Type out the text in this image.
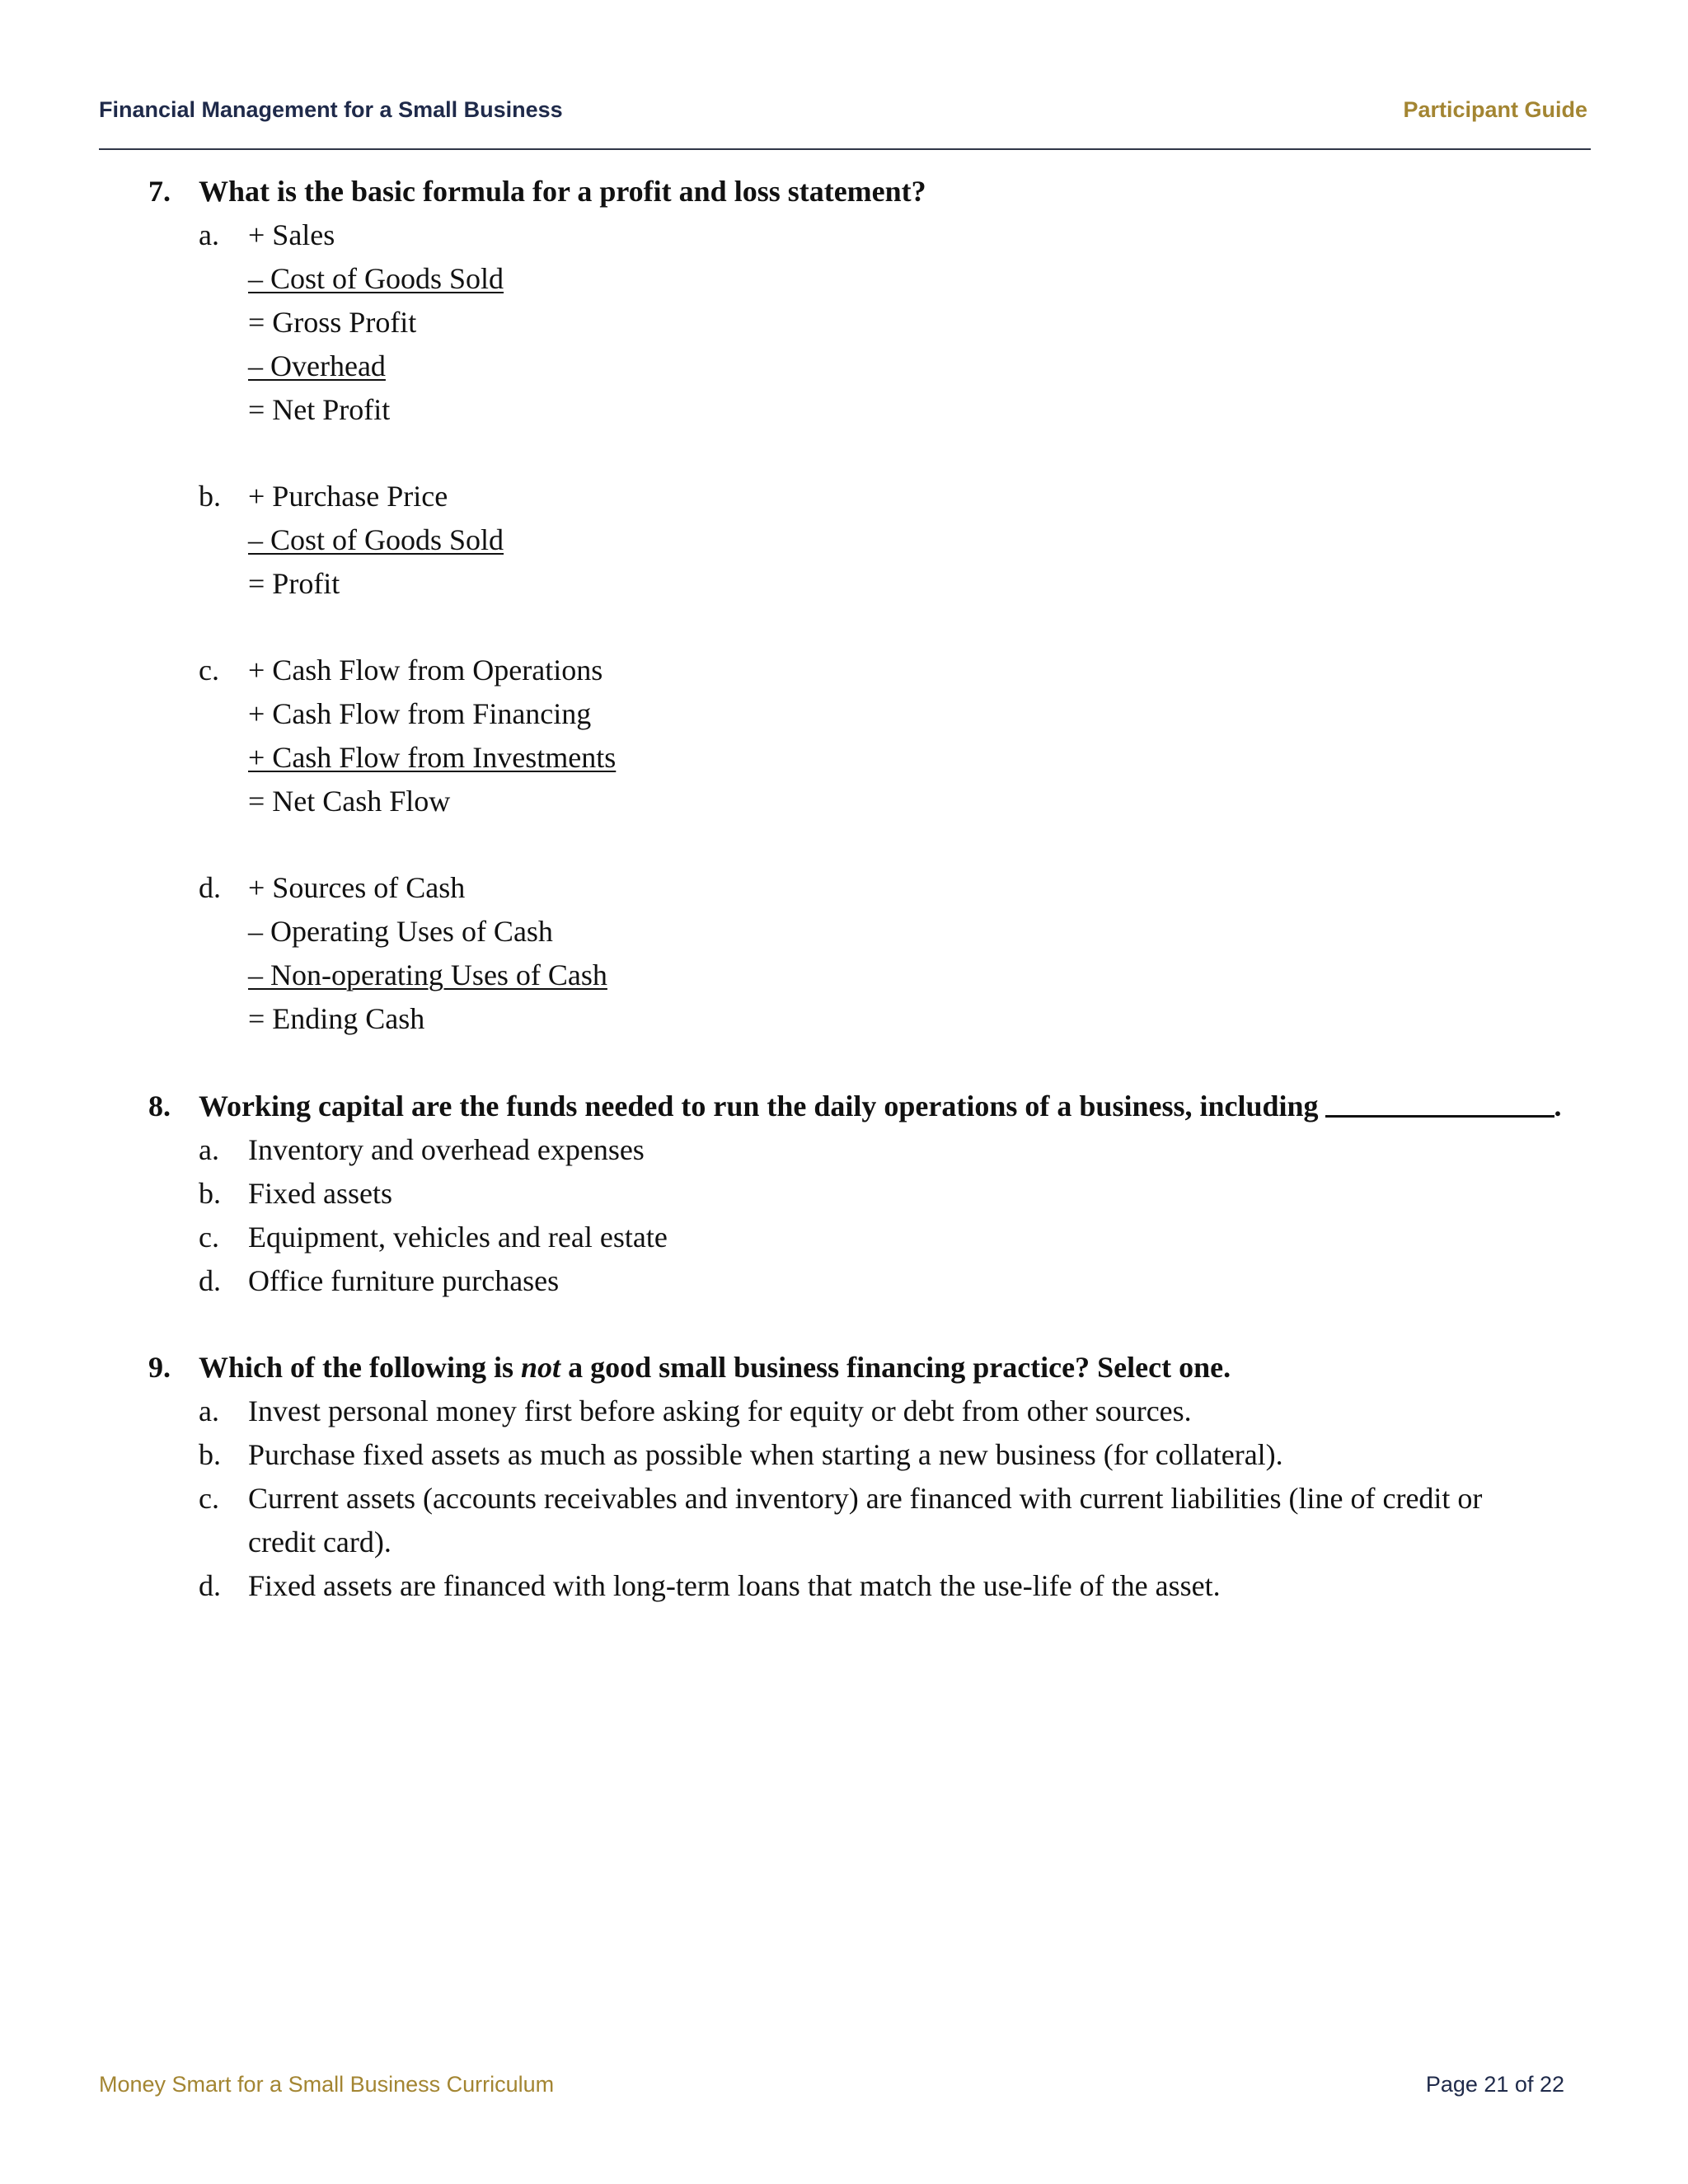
Financial Management for a Small Business	Participant Guide
7. What is the basic formula for a profit and loss statement?
a. + Sales
– Cost of Goods Sold
= Gross Profit
– Overhead
= Net Profit
b. + Purchase Price
– Cost of Goods Sold
= Profit
c. + Cash Flow from Operations
+ Cash Flow from Financing
+ Cash Flow from Investments
= Net Cash Flow
d. + Sources of Cash
– Operating Uses of Cash
– Non-operating Uses of Cash
= Ending Cash
8. Working capital are the funds needed to run the daily operations of a business, including	.
a. Inventory and overhead expenses
b. Fixed assets
c. Equipment, vehicles and real estate
d. Office furniture purchases
9. Which of the following is not a good small business financing practice? Select one.
a. Invest personal money first before asking for equity or debt from other sources.
b. Purchase fixed assets as much as possible when starting a new business (for collateral).
c. Current assets (accounts receivables and inventory) are financed with current liabilities (line of credit or
credit card).
d. Fixed assets are financed with long-term loans that match the use-life of the asset.
Money Smart for a Small Business Curriculum	Page 21 of 22
